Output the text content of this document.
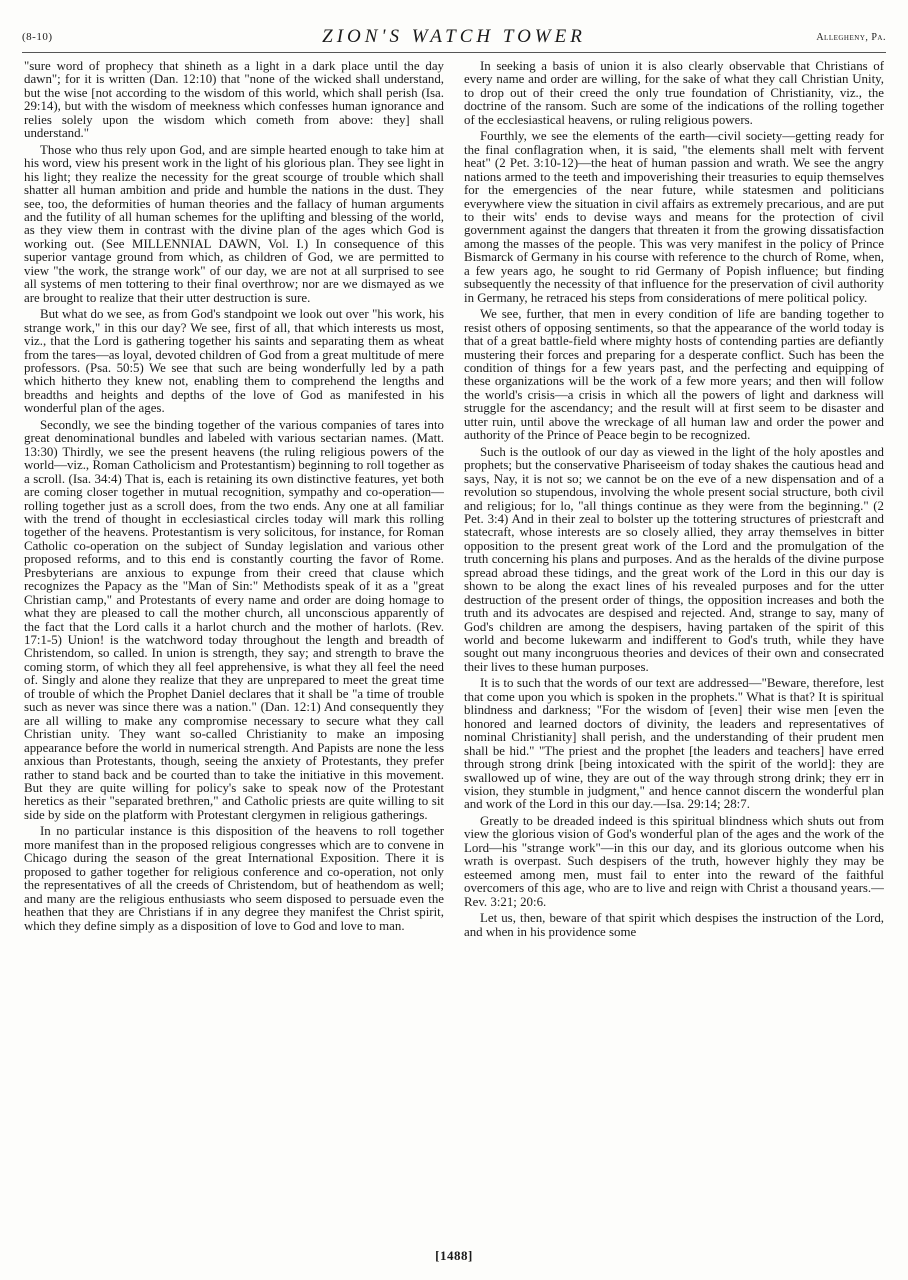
(8-10)	ZION'S WATCH TOWER	Allegheny, Pa.

"sure word of prophecy that shineth as a light in a dark place until the day dawn"; for it is written (Dan. 12:10) that "none of the wicked shall understand, but the wise [not according to the wisdom of this world, which shall perish (Isa. 29:14), but with the wisdom of meekness which confesses human ignorance and relies solely upon the wisdom which cometh from above: they] shall understand."

Those who thus rely upon God, and are simple hearted enough to take him at his word, view his present work in the light of his glorious plan. They see light in his light; they realize the necessity for the great scourge of trouble which shall shatter all human ambition and pride and humble the nations in the dust. They see, too, the deformities of human theories and the fallacy of human arguments and the futility of all human schemes for the uplifting and blessing of the world, as they view them in contrast with the divine plan of the ages which God is working out. (See MILLENNIAL DAWN, Vol. I.) In consequence of this superior vantage ground from which, as children of God, we are permitted to view "the work, the strange work" of our day, we are not at all surprised to see all systems of men tottering to their final overthrow; nor are we dismayed as we are brought to realize that their utter destruction is sure.

But what do we see, as from God's standpoint we look out over "his work, his strange work," in this our day? We see, first of all, that which interests us most, viz., that the Lord is gathering together his saints and separating them as wheat from the tares—as loyal, devoted children of God from a great multitude of mere professors. (Psa. 50:5) We see that such are being wonderfully led by a path which hitherto they knew not, enabling them to comprehend the lengths and breadths and heights and depths of the love of God as manifested in his wonderful plan of the ages.

Secondly, we see the binding together of the various companies of tares into great denominational bundles and labeled with various sectarian names. (Matt. 13:30) Thirdly, we see the present heavens (the ruling religious powers of the world—viz., Roman Catholicism and Protestantism) beginning to roll together as a scroll. (Isa. 34:4) That is, each is retaining its own distinctive features, yet both are coming closer together in mutual recognition, sympathy and co-operation—rolling together just as a scroll does, from the two ends. Any one at all familiar with the trend of thought in ecclesiastical circles today will mark this rolling together of the heavens. Protestantism is very solicitous, for instance, for Roman Catholic co-operation on the subject of Sunday legislation and various other proposed reforms, and to this end is constantly courting the favor of Rome. Presbyterians are anxious to expunge from their creed that clause which recognizes the Papacy as the "Man of Sin:" Methodists speak of it as a "great Christian camp," and Protestants of every name and order are doing homage to what they are pleased to call the mother church, all unconscious apparently of the fact that the Lord calls it a harlot church and the mother of harlots. (Rev. 17:1-5) Union! is the watchword today throughout the length and breadth of Christendom, so called. In union is strength, they say; and strength to brave the coming storm, of which they all feel apprehensive, is what they all feel the need of. Singly and alone they realize that they are unprepared to meet the great time of trouble of which the Prophet Daniel declares that it shall be "a time of trouble such as never was since there was a nation." (Dan. 12:1) And consequently they are all willing to make any compromise necessary to secure what they call Christian unity. They want so-called Christianity to make an imposing appearance before the world in numerical strength. And Papists are none the less anxious than Protestants, though, seeing the anxiety of Protestants, they prefer rather to stand back and be courted than to take the initiative in this movement. But they are quite willing for policy's sake to speak now of the Protestant heretics as their "separated brethren," and Catholic priests are quite willing to sit side by side on the platform with Protestant clergymen in religious gatherings.

In no particular instance is this disposition of the heavens to roll together more manifest than in the proposed religious congresses which are to convene in Chicago during the season of the great International Exposition. There it is proposed to gather together for religious conference and co-operation, not only the representatives of all the creeds of Christendom, but of heathendom as well; and many are the religious enthusiasts who seem disposed to persuade even the heathen that they are Christians if in any degree they manifest the Christ spirit, which they define simply as a disposition of love to God and love to man.

In seeking a basis of union it is also clearly observable that Christians of every name and order are willing, for the sake of what they call Christian Unity, to drop out of their creed the only true foundation of Christianity, viz., the doctrine of the ransom. Such are some of the indications of the rolling together of the ecclesiastical heavens, or ruling religious powers.

Fourthly, we see the elements of the earth—civil society—getting ready for the final conflagration when, it is said, "the elements shall melt with fervent heat" (2 Pet. 3:10-12)—the heat of human passion and wrath. We see the angry nations armed to the teeth and impoverishing their treasuries to equip themselves for the emergencies of the near future, while statesmen and politicians everywhere view the situation in civil affairs as extremely precarious, and are put to their wits' ends to devise ways and means for the protection of civil government against the dangers that threaten it from the growing dissatisfaction among the masses of the people. This was very manifest in the policy of Prince Bismarck of Germany in his course with reference to the church of Rome, when, a few years ago, he sought to rid Germany of Popish influence; but finding subsequently the necessity of that influence for the preservation of civil authority in Germany, he retraced his steps from considerations of mere political policy.

We see, further, that men in every condition of life are banding together to resist others of opposing sentiments, so that the appearance of the world today is that of a great battle-field where mighty hosts of contending parties are defiantly mustering their forces and preparing for a desperate conflict. Such has been the condition of things for a few years past, and the perfecting and equipping of these organizations will be the work of a few more years; and then will follow the world's crisis—a crisis in which all the powers of light and darkness will struggle for the ascendancy; and the result will at first seem to be disaster and utter ruin, until above the wreckage of all human law and order the power and authority of the Prince of Peace begin to be recognized.

Such is the outlook of our day as viewed in the light of the holy apostles and prophets; but the conservative Phariseeism of today shakes the cautious head and says, Nay, it is not so; we cannot be on the eve of a new dispensation and of a revolution so stupendous, involving the whole present social structure, both civil and religious; for lo, "all things continue as they were from the beginning." (2 Pet. 3:4) And in their zeal to bolster up the tottering structures of priestcraft and statecraft, whose interests are so closely allied, they array themselves in bitter opposition to the present great work of the Lord and the promulgation of the truth concerning his plans and purposes. And as the heralds of the divine purpose spread abroad these tidings, and the great work of the Lord in this our day is shown to be along the exact lines of his revealed purposes and for the utter destruction of the present order of things, the opposition increases and both the truth and its advocates are despised and rejected. And, strange to say, many of God's children are among the despisers, having partaken of the spirit of this world and become lukewarm and indifferent to God's truth, while they have sought out many incongruous theories and devices of their own and consecrated their lives to these human purposes.

It is to such that the words of our text are addressed—"Beware, therefore, lest that come upon you which is spoken in the prophets." What is that? It is spiritual blindness and darkness; "For the wisdom of [even] their wise men [even the honored and learned doctors of divinity, the leaders and representatives of nominal Christianity] shall perish, and the understanding of their prudent men shall be hid." "The priest and the prophet [the leaders and teachers] have erred through strong drink [being intoxicated with the spirit of the world]: they are swallowed up of wine, they are out of the way through strong drink; they err in vision, they stumble in judgment," and hence cannot discern the wonderful plan and work of the Lord in this our day.—Isa. 29:14; 28:7.

Greatly to be dreaded indeed is this spiritual blindness which shuts out from view the glorious vision of God's wonderful plan of the ages and the work of the Lord—his "strange work"—in this our day, and its glorious outcome when his wrath is overpast. Such despisers of the truth, however highly they may be esteemed among men, must fail to enter into the reward of the faithful overcomers of this age, who are to live and reign with Christ a thousand years.—Rev. 3:21; 20:6.

Let us, then, beware of that spirit which despises the instruction of the Lord, and when in his providence some

[1488]
